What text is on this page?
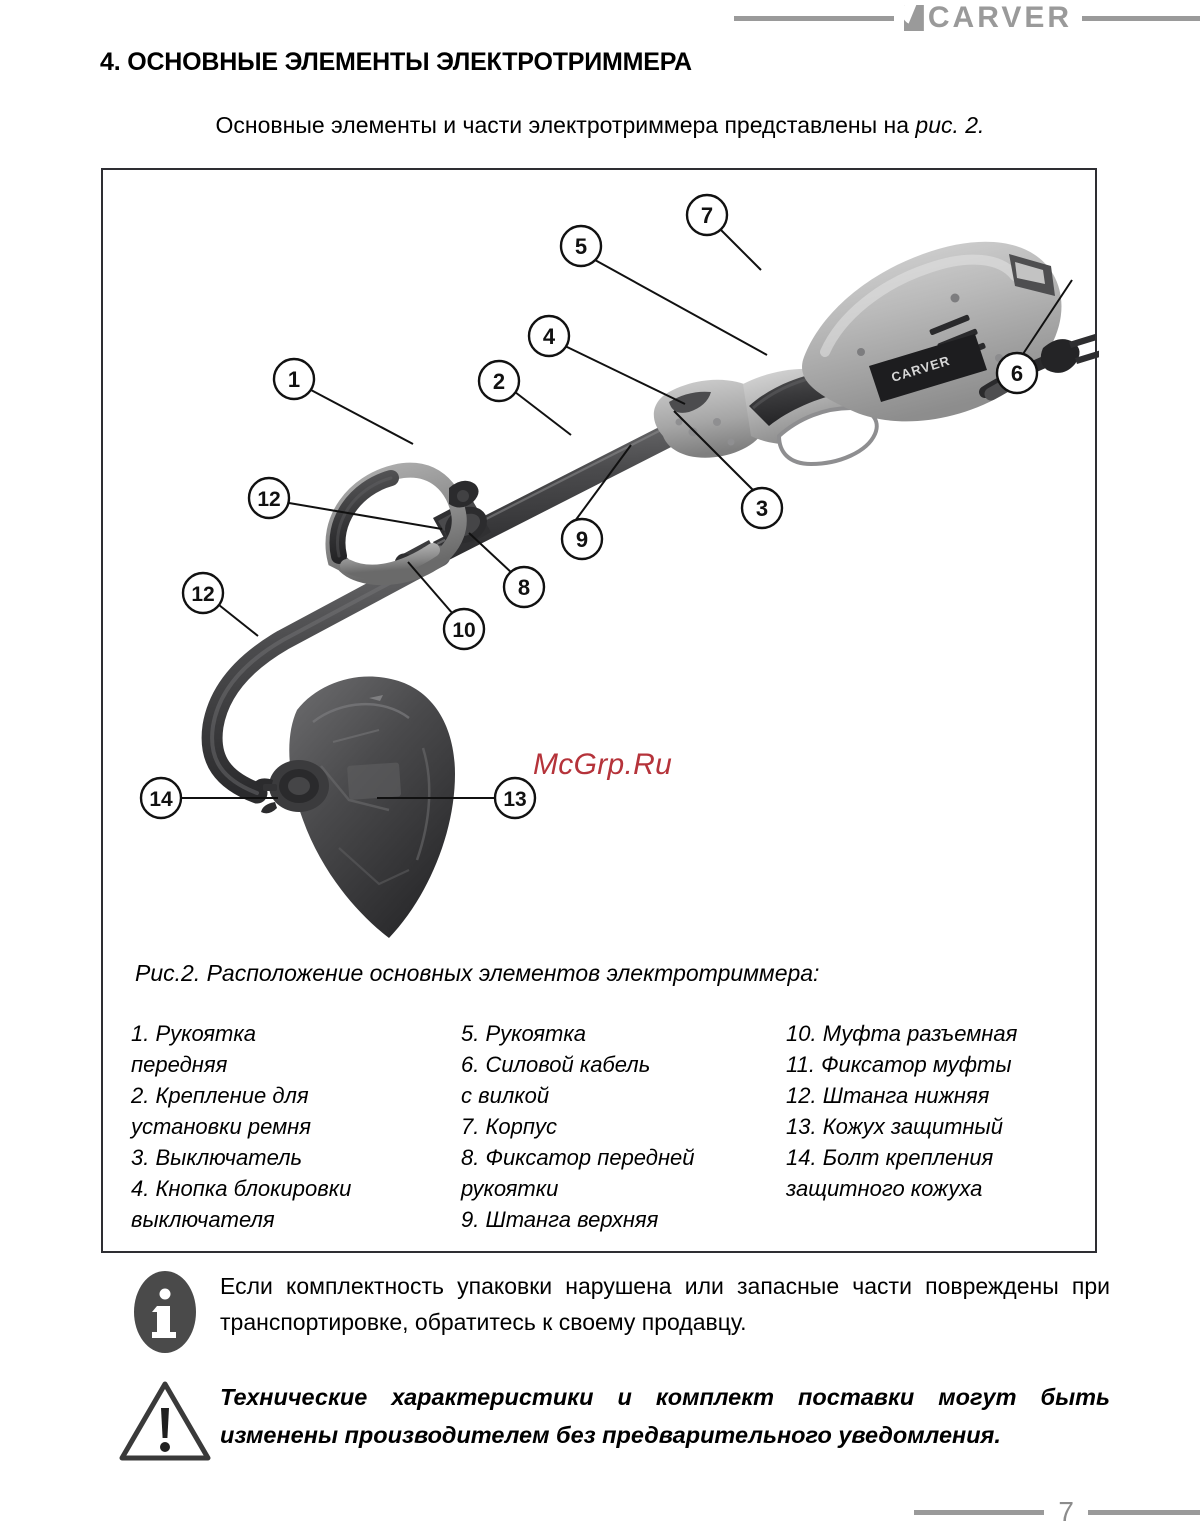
CARVER
4. ОСНОВНЫЕ ЭЛЕМЕНТЫ ЭЛЕКТРОТРИММЕРА
Основные элементы и части электротриммера представлены на рис. 2.
CARVER
1	2
3
4
5
6
7
8
9
10
12
12
13
14
McGrp.Ru
Рис.2. Расположение основных элементов электротриммера:
1. Рукоятка
передняя
2. Крепление для
установки ремня
3. Выключатель
4. Кнопка блокировки
выключателя
5. Рукоятка
6. Силовой кабель
с вилкой
7. Корпус
8. Фиксатор передней
рукоятки
9. Штанга верхняя
10. Муфта разъемная
11. Фиксатор муфты
12. Штанга нижняя
13. Кожух защитный
14. Болт крепления
защитного кожуха
Если комплектность упаковки нарушена или запасные части повреждены при транспортировке, обратитесь к своему продавцу.
Технические характеристики и комплект поставки могут быть изменены производителем без предварительного уведомления.
7
